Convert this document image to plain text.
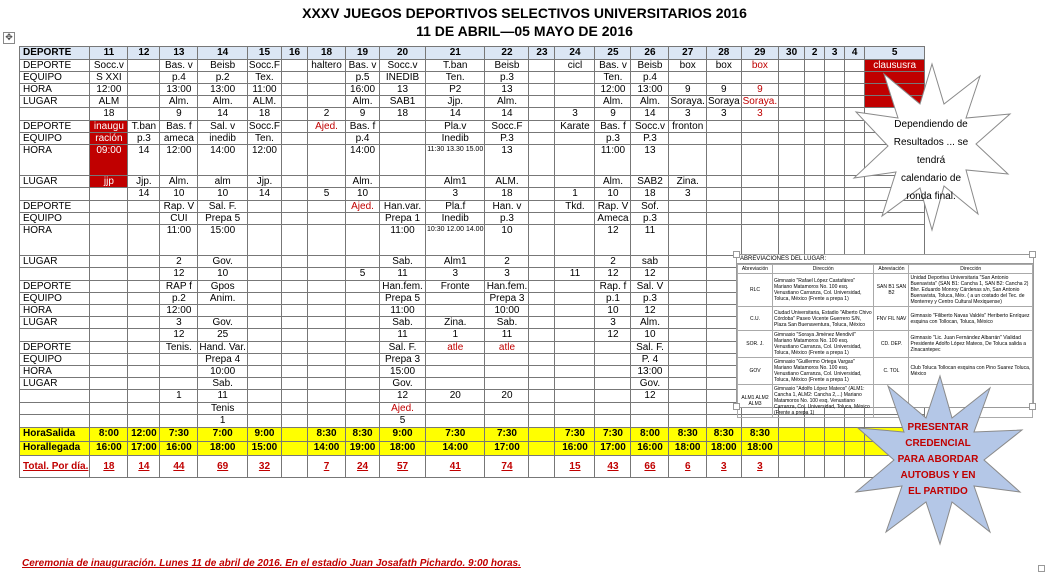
XXXV JUEGOS DEPORTIVOS SELECTIVOS UNIVERSITARIOS 2016
11 DE ABRIL—05 MAYO DE 2016
✥
DEPORTE	11	12	13	14	15	16	18	19	20	21	22	23	24	25	26	27	28	29	30	2	3	4	5
DEPORTE	Socc.v		Bas. v	Beisb	Socc.F		haltero	Bas. v	Socc.v	T.ban	Beisb		cicl	Bas. v	Beisb	box	box	box					claususra
EQUIPO	S XXI		p.4	p.2	Tex.			p.5	INEDIB	Ten.	p.3			Ten.	p.4								
HORA	12:00		13:00	13:00	11:00			16:00	13	P2	13			12:00	13:00	9	9	9					
LUGAR	ALM		Alm.	Alm.	ALM.			Alm.	SAB1	Jjp.	Alm.			Alm.	Alm.	Soraya.	Soraya	Soraya.					
	18		9	14	18		2	9	18	14	14		3	9	14	3	3	3					
DEPORTE	inaugu	T.ban	Bas. f	Sal. v	Socc.F		Ajed.	Bas. f		Pla.v	Socc.F		Karate	Bas. f	Socc.v	fronton							
EQUIPO	ración	p.3	ameca	inedib	Ten.			p.4		Inedib	P.3			p.3	P.3								
HORA	09:00	14	12:00	14:00	12:00			14:00		11:30 13.30 15.00	13			11:00	13								
LUGAR	jjp	Jjp.	Alm.	alm	Jjp.			Alm.		Alm1	ALM.			Alm.	SAB2	Zina.							
		14	10	10	14		5	10		3	18		1	10	18	3							
DEPORTE			Rap. V	Sal. F.				Ajed.	Han.var.	Pla.f	Han. v		Tkd.	Rap. V	Sof.								
EQUIPO			CUI	Prepa 5					Prepa 1	Inedib	p.3			Ameca	p.3								
HORA			11:00	15:00					11:00	10:30 12.00 14.00	10			12	11								
LUGAR			2	Gov.					Sab.	Alm1	2			2	sab								
			12	10				5	11	3	3		11	12	12								
DEPORTE			RAP f	Gpos					Han.fem.	Fronte	Han.fem.			Rap. f	Sal. V								
EQUIPO			p.2	Anim.					Prepa 5		Prepa 3			p.1	p.3								
HORA			12:00						11:00		10:00			10	12								
LUGAR			3	Gov.					Sab.	Zina.	Sab.			3	Alm.								
			12	25					11	1	11			12	10								
DEPORTE			Tenis.	Hand. Var.					Sal. F.	atle	atle				Sal. F.								
EQUIPO				Prepa 4					Prepa 3						P. 4								
HORA				10:00					15:00						13:00								
LUGAR				Sab.					Gov.						Gov.								
			1	11					12	20	20				12								
				Tenis					Ajed.														
				1					5														
HoraSalida	8:00	12:00	7:30	7:00	9:00		8:30	8:30	9:00	7:30	7:30		7:30	7:30	8:00	8:30	8:30	8:30					
Horallegada	16:00	17:00	16:00	18:00	15:00		14:00	19:00	18:00	14:00	17:00		16:00	17:00	16:00	18:00	18:00	18:00					
Total. Por día.	18	14	44	69	32		7	24	57	41	74		15	43	66	6	3	3					
Ceremonia de inauguración. Lunes 11 de abril de 2016. En el estadio Juan Josafath Pichardo. 9:00 horas.
Dependiendo de Resultados ... se tendrá calendario de ronda final.
ABREVIACIONES DEL LUGAR:
Abreviación	Dirección	Abreviación	Dirección
RLC	Gimnasio "Rafael López Castafáres" Mariano Matamoros No. 100 esq. Venustiano Carranza, Col. Universidad, Toluca, México (Frente a prepa 1)	SAN B1 SAN B2	Unidad Deportiva Universitaria "San Antonio Buenavista" (SAN B1: Cancha 1, SAN B2: Cancha 2) Blvr. Eduardo Monroy Cárdenas s/n, San Antonio Buenavista, Toluca, Méx. ( a un costado del Tec. de Monterrey y Centro Cultural Mexiquense)
C.U.	Ciudad Universitaria, Estadio "Alberto Chivo Córdoba" Paseo Vicente Guerrero S/N, Plaza San Buenaventura, Toluca, México	FNV FIL NAV	Gimnasio "Filiberto Navas Valdés" Heriberto Enríquez esquina con Tollocan, Toluca, México
SOR. J.	Gimnasio "Soraya Jiménez Mendivil" Mariano Matamoros No. 100 esq. Venustiano Carranza, Col. Universidad, Toluca, México (Frente a prepa 1)	CD. DEP.	Gimnasio "Lic. Juan Fernández Albarrán" Vialidad Presidente Adolfo López Mateos, De Toluca salida a Zinacantepec
GOV	Gimnasio "Guillermo Ortega Vargas" Mariano Matamoros No. 100 esq. Venustiano Carranza, Col. Universidad, Toluca, México (Frente a prepa 1)	C. TOL	Club Toluca Tollocan esquina con Pino Suarez Toluca, México
ALM1 ALM2 ALM3	Gimnasio "Adolfo López Mateos" (ALM1: Cancha 1, ALM2: Cancha 2,...) Mariano Matamoros No. 100 esq. Venustiano Carranza, Col. Universidad, Toluca, México (Frente a prepa 1)		
PRESENTAR CREDENCIAL PARA ABORDAR AUTOBUS Y EN EL PARTIDO
